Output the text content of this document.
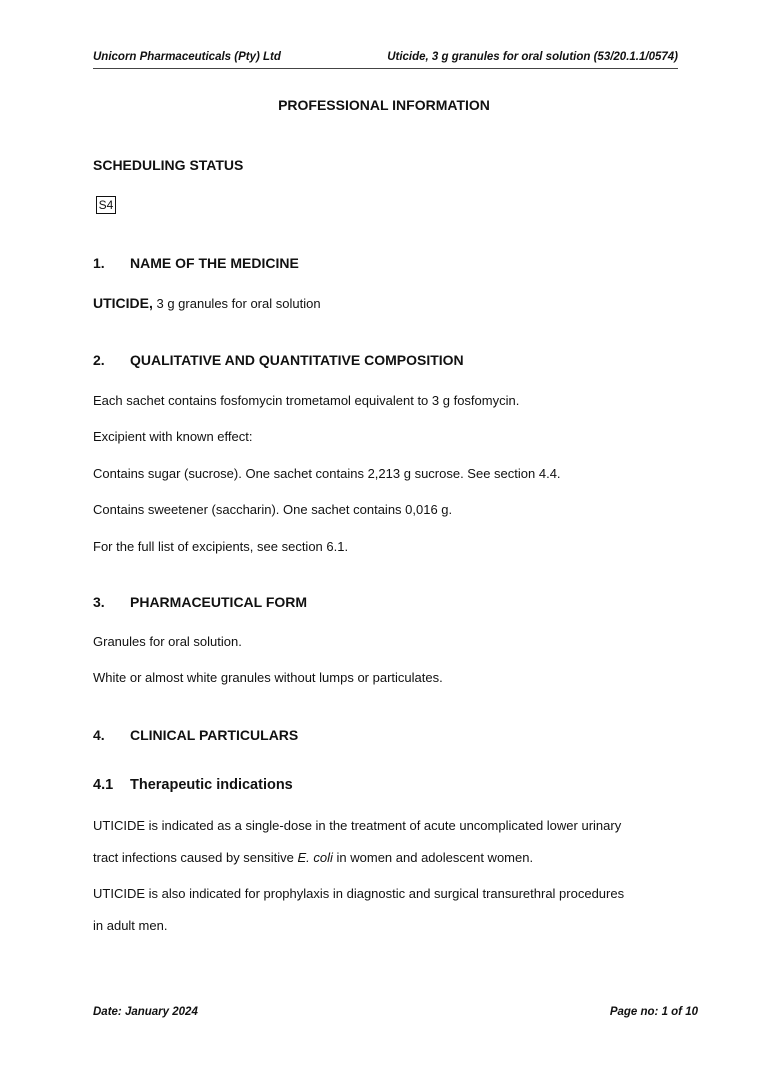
Unicorn Pharmaceuticals (Pty) Ltd	Uticide, 3 g granules for oral solution (53/20.1.1/0574)
PROFESSIONAL INFORMATION
SCHEDULING STATUS
S4
1. NAME OF THE MEDICINE
UTICIDE, 3 g granules for oral solution
2. QUALITATIVE AND QUANTITATIVE COMPOSITION
Each sachet contains fosfomycin trometamol equivalent to 3 g fosfomycin.
Excipient with known effect:
Contains sugar (sucrose). One sachet contains 2,213 g sucrose. See section 4.4.
Contains sweetener (saccharin). One sachet contains 0,016 g.
For the full list of excipients, see section 6.1.
3. PHARMACEUTICAL FORM
Granules for oral solution.
White or almost white granules without lumps or particulates.
4. CLINICAL PARTICULARS
4.1 Therapeutic indications
UTICIDE is indicated as a single-dose in the treatment of acute uncomplicated lower urinary
tract infections caused by sensitive E. coli in women and adolescent women.
UTICIDE is also indicated for prophylaxis in diagnostic and surgical transurethral procedures
in adult men.
Date: January 2024	Page no: 1 of 10
